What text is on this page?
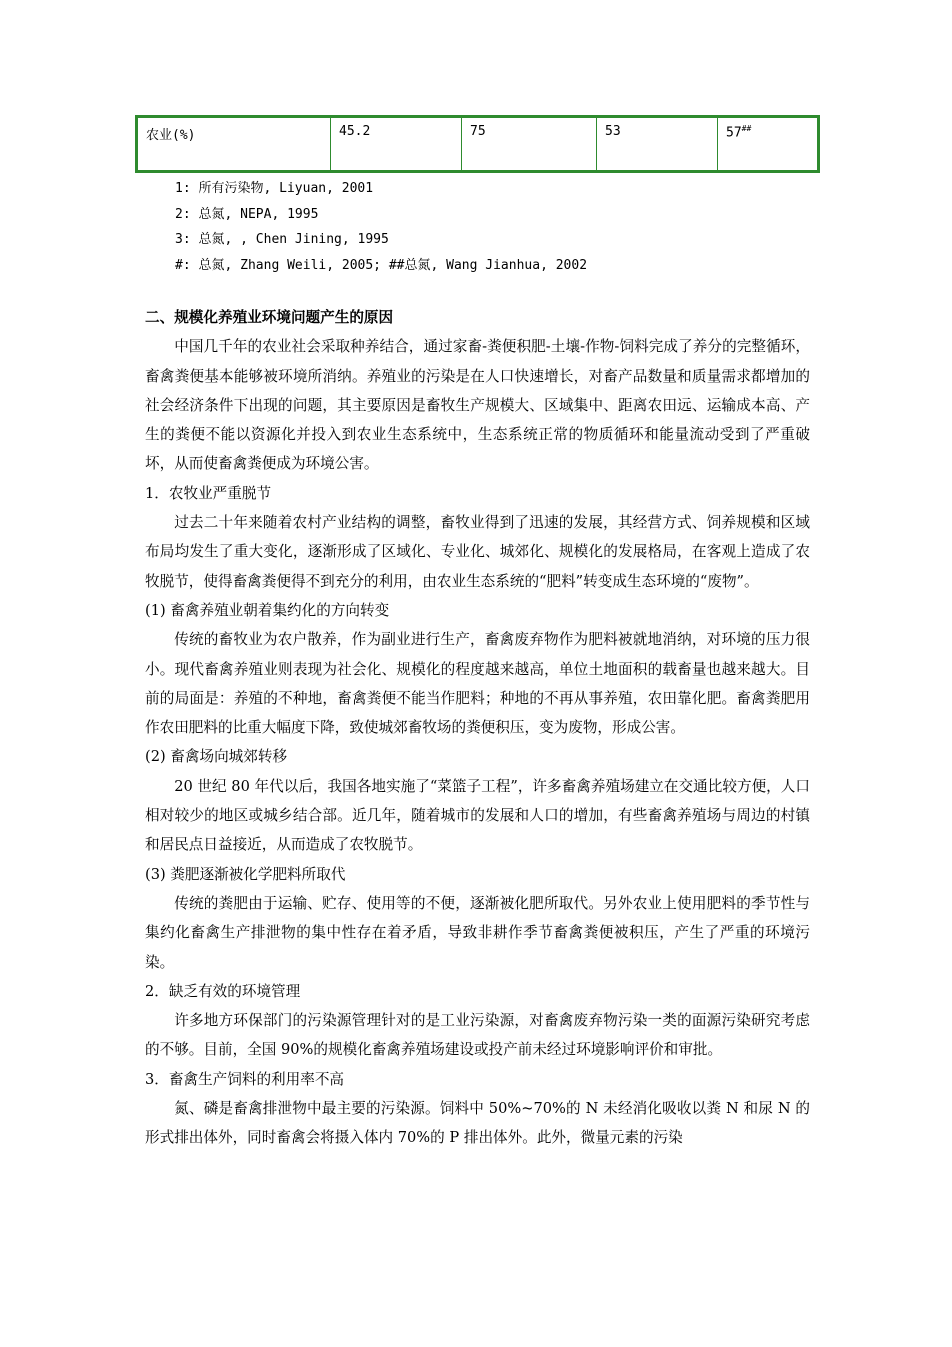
农业(%)	45.2	75	53	57##
1: 所有污染物, Liyuan, 2001
2: 总氮, NEPA, 1995
3: 总氮, , Chen Jining, 1995
#: 总氮, Zhang Weili, 2005; ##总氮, Wang Jianhua, 2002

二、规模化养殖业环境问题产生的原因

中国几千年的农业社会采取种养结合，通过家畜-粪便积肥-土壤-作物-饲料完成了养分的完整循环，畜禽粪便基本能够被环境所消纳。养殖业的污染是在人口快速增长，对畜产品数量和质量需求都增加的社会经济条件下出现的问题，其主要原因是畜牧生产规模大、区域集中、距离农田远、运输成本高、产生的粪便不能以资源化并投入到农业生态系统中，生态系统正常的物质循环和能量流动受到了严重破坏，从而使畜禽粪便成为环境公害。

1．农牧业严重脱节

过去二十年来随着农村产业结构的调整，畜牧业得到了迅速的发展，其经营方式、饲养规模和区域布局均发生了重大变化，逐渐形成了区域化、专业化、城郊化、规模化的发展格局，在客观上造成了农牧脱节，使得畜禽粪便得不到充分的利用，由农业生态系统的“肥料”转变成生态环境的“废物”。

(1) 畜禽养殖业朝着集约化的方向转变

传统的畜牧业为农户散养，作为副业进行生产，畜禽废弃物作为肥料被就地消纳，对环境的压力很小。现代畜禽养殖业则表现为社会化、规模化的程度越来越高，单位土地面积的载畜量也越来越大。目前的局面是：养殖的不种地，畜禽粪便不能当作肥料；种地的不再从事养殖，农田靠化肥。畜禽粪肥用作农田肥料的比重大幅度下降，致使城郊畜牧场的粪便积压，变为废物，形成公害。

(2) 畜禽场向城郊转移

20 世纪 80 年代以后，我国各地实施了“菜篮子工程”，许多畜禽养殖场建立在交通比较方便，人口相对较少的地区或城乡结合部。近几年，随着城市的发展和人口的增加，有些畜禽养殖场与周边的村镇和居民点日益接近，从而造成了农牧脱节。

(3) 粪肥逐渐被化学肥料所取代

传统的粪肥由于运输、贮存、使用等的不便，逐渐被化肥所取代。另外农业上使用肥料的季节性与集约化畜禽生产排泄物的集中性存在着矛盾，导致非耕作季节畜禽粪便被积压，产生了严重的环境污染。

2．缺乏有效的环境管理

许多地方环保部门的污染源管理针对的是工业污染源，对畜禽废弃物污染一类的面源污染研究考虑的不够。目前，全国 90%的规模化畜禽养殖场建设或投产前未经过环境影响评价和审批。

3．畜禽生产饲料的利用率不高

氮、磷是畜禽排泄物中最主要的污染源。饲料中 50%~70%的 N 未经消化吸收以粪 N 和尿 N 的形式排出体外，同时畜禽会将摄入体内 70%的 P 排出体外。此外，微量元素的污染
